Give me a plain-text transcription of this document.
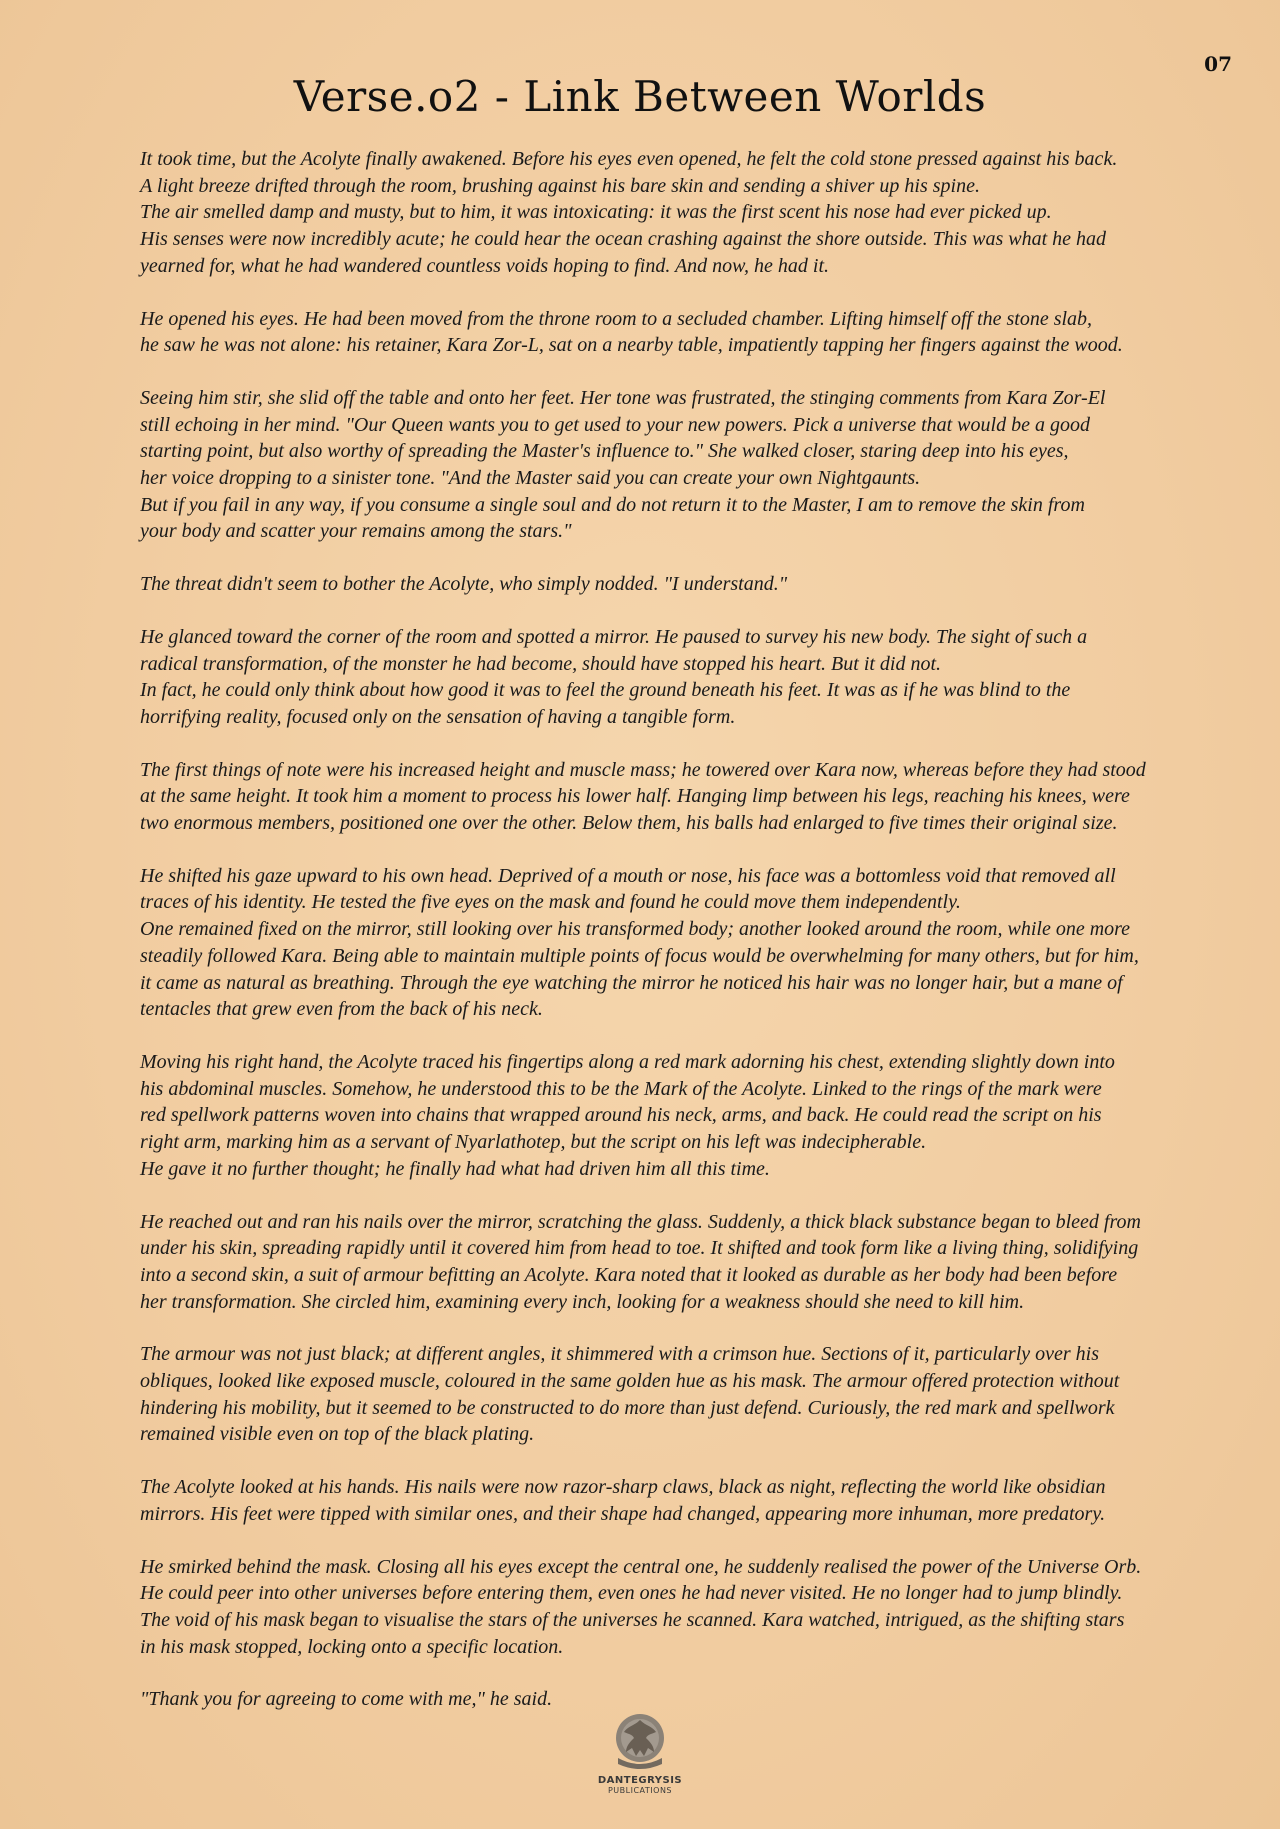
07
Verse.o2 - Link Between Worlds

It took time, but the Acolyte finally awakened. Before his eyes even opened, he felt the cold stone pressed against his back.
A light breeze drifted through the room, brushing against his bare skin and sending a shiver up his spine.
The air smelled damp and musty, but to him, it was intoxicating: it was the first scent his nose had ever picked up.
His senses were now incredibly acute; he could hear the ocean crashing against the shore outside. This was what he had
yearned for, what he had wandered countless voids hoping to find. And now, he had it.

He opened his eyes. He had been moved from the throne room to a secluded chamber. Lifting himself off the stone slab,
he saw he was not alone: his retainer, Kara Zor-L, sat on a nearby table, impatiently tapping her fingers against the wood.

Seeing him stir, she slid off the table and onto her feet. Her tone was frustrated, the stinging comments from Kara Zor-El
still echoing in her mind. "Our Queen wants you to get used to your new powers. Pick a universe that would be a good
starting point, but also worthy of spreading the Master's influence to." She walked closer, staring deep into his eyes,
her voice dropping to a sinister tone. "And the Master said you can create your own Nightgaunts.
But if you fail in any way, if you consume a single soul and do not return it to the Master, I am to remove the skin from
your body and scatter your remains among the stars."

The threat didn't seem to bother the Acolyte, who simply nodded. "I understand."

He glanced toward the corner of the room and spotted a mirror. He paused to survey his new body. The sight of such a
radical transformation, of the monster he had become, should have stopped his heart. But it did not.
In fact, he could only think about how good it was to feel the ground beneath his feet. It was as if he was blind to the
horrifying reality, focused only on the sensation of having a tangible form.

The first things of note were his increased height and muscle mass; he towered over Kara now, whereas before they had stood
at the same height. It took him a moment to process his lower half. Hanging limp between his legs, reaching his knees, were
two enormous members, positioned one over the other. Below them, his balls had enlarged to five times their original size.

He shifted his gaze upward to his own head. Deprived of a mouth or nose, his face was a bottomless void that removed all
traces of his identity. He tested the five eyes on the mask and found he could move them independently.
One remained fixed on the mirror, still looking over his transformed body; another looked around the room, while one more
steadily followed Kara. Being able to maintain multiple points of focus would be overwhelming for many others, but for him,
it came as natural as breathing. Through the eye watching the mirror he noticed his hair was no longer hair, but a mane of
tentacles that grew even from the back of his neck.

Moving his right hand, the Acolyte traced his fingertips along a red mark adorning his chest, extending slightly down into
his abdominal muscles. Somehow, he understood this to be the Mark of the Acolyte. Linked to the rings of the mark were
red spellwork patterns woven into chains that wrapped around his neck, arms, and back. He could read the script on his
right arm, marking him as a servant of Nyarlathotep, but the script on his left was indecipherable.
He gave it no further thought; he finally had what had driven him all this time.

He reached out and ran his nails over the mirror, scratching the glass. Suddenly, a thick black substance began to bleed from
under his skin, spreading rapidly until it covered him from head to toe. It shifted and took form like a living thing, solidifying
into a second skin, a suit of armour befitting an Acolyte. Kara noted that it looked as durable as her body had been before
her transformation. She circled him, examining every inch, looking for a weakness should she need to kill him.

The armour was not just black; at different angles, it shimmered with a crimson hue. Sections of it, particularly over his
obliques, looked like exposed muscle, coloured in the same golden hue as his mask. The armour offered protection without
hindering his mobility, but it seemed to be constructed to do more than just defend. Curiously, the red mark and spellwork
remained visible even on top of the black plating.

The Acolyte looked at his hands. His nails were now razor-sharp claws, black as night, reflecting the world like obsidian
mirrors. His feet were tipped with similar ones, and their shape had changed, appearing more inhuman, more predatory.

He smirked behind the mask. Closing all his eyes except the central one, he suddenly realised the power of the Universe Orb.
He could peer into other universes before entering them, even ones he had never visited. He no longer had to jump blindly.
The void of his mask began to visualise the stars of the universes he scanned. Kara watched, intrigued, as the shifting stars
in his mask stopped, locking onto a specific location.

"Thank you for agreeing to come with me," he said.

DANTEGRYSIS
PUBLICATIONS
